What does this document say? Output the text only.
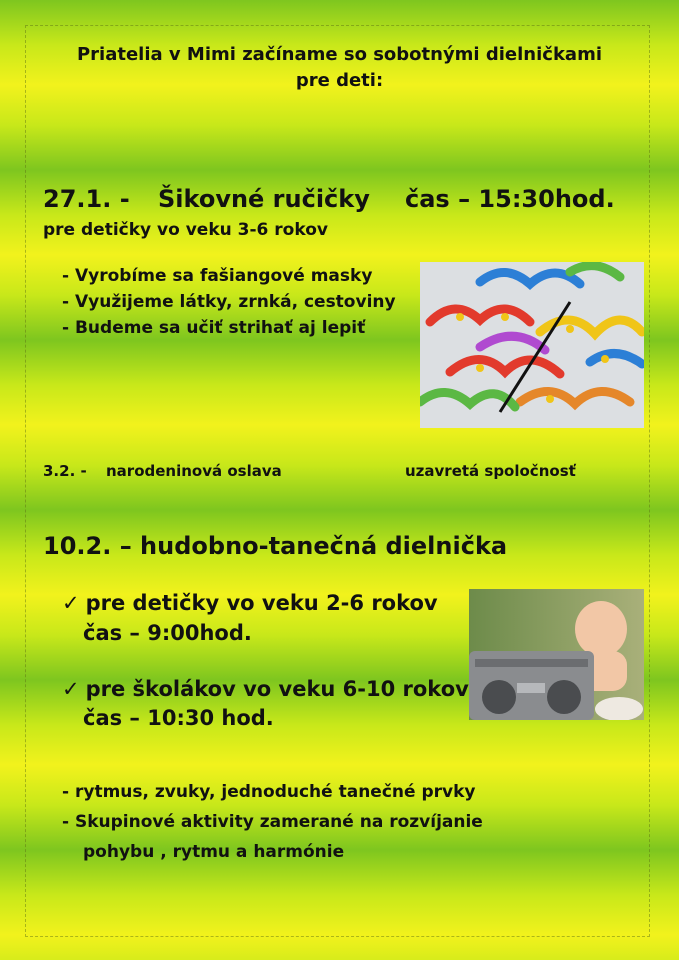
Priatelia v Mimi začíname so sobotnými dielničkami
pre deti:
27.1. - Šikovné ručičky čas – 15:30hod.
pre detičky vo veku 3-6 rokov
- Vyrobíme sa fašiangové masky
- Využijeme látky, zrnká, cestoviny
- Budeme sa učiť strihať aj lepiť
3.2. - narodeninová oslava	uzavretá spoločnosť
10.2. – hudobno-tanečná dielnička
✓ pre detičky vo veku 2-6 rokov
čas – 9:00hod.
✓ pre školákov vo veku 6-10 rokov
čas – 10:30 hod.
- rytmus, zvuky, jednoduché tanečné prvky
- Skupinové aktivity zamerané na rozvíjanie
pohybu , rytmu a harmónie
